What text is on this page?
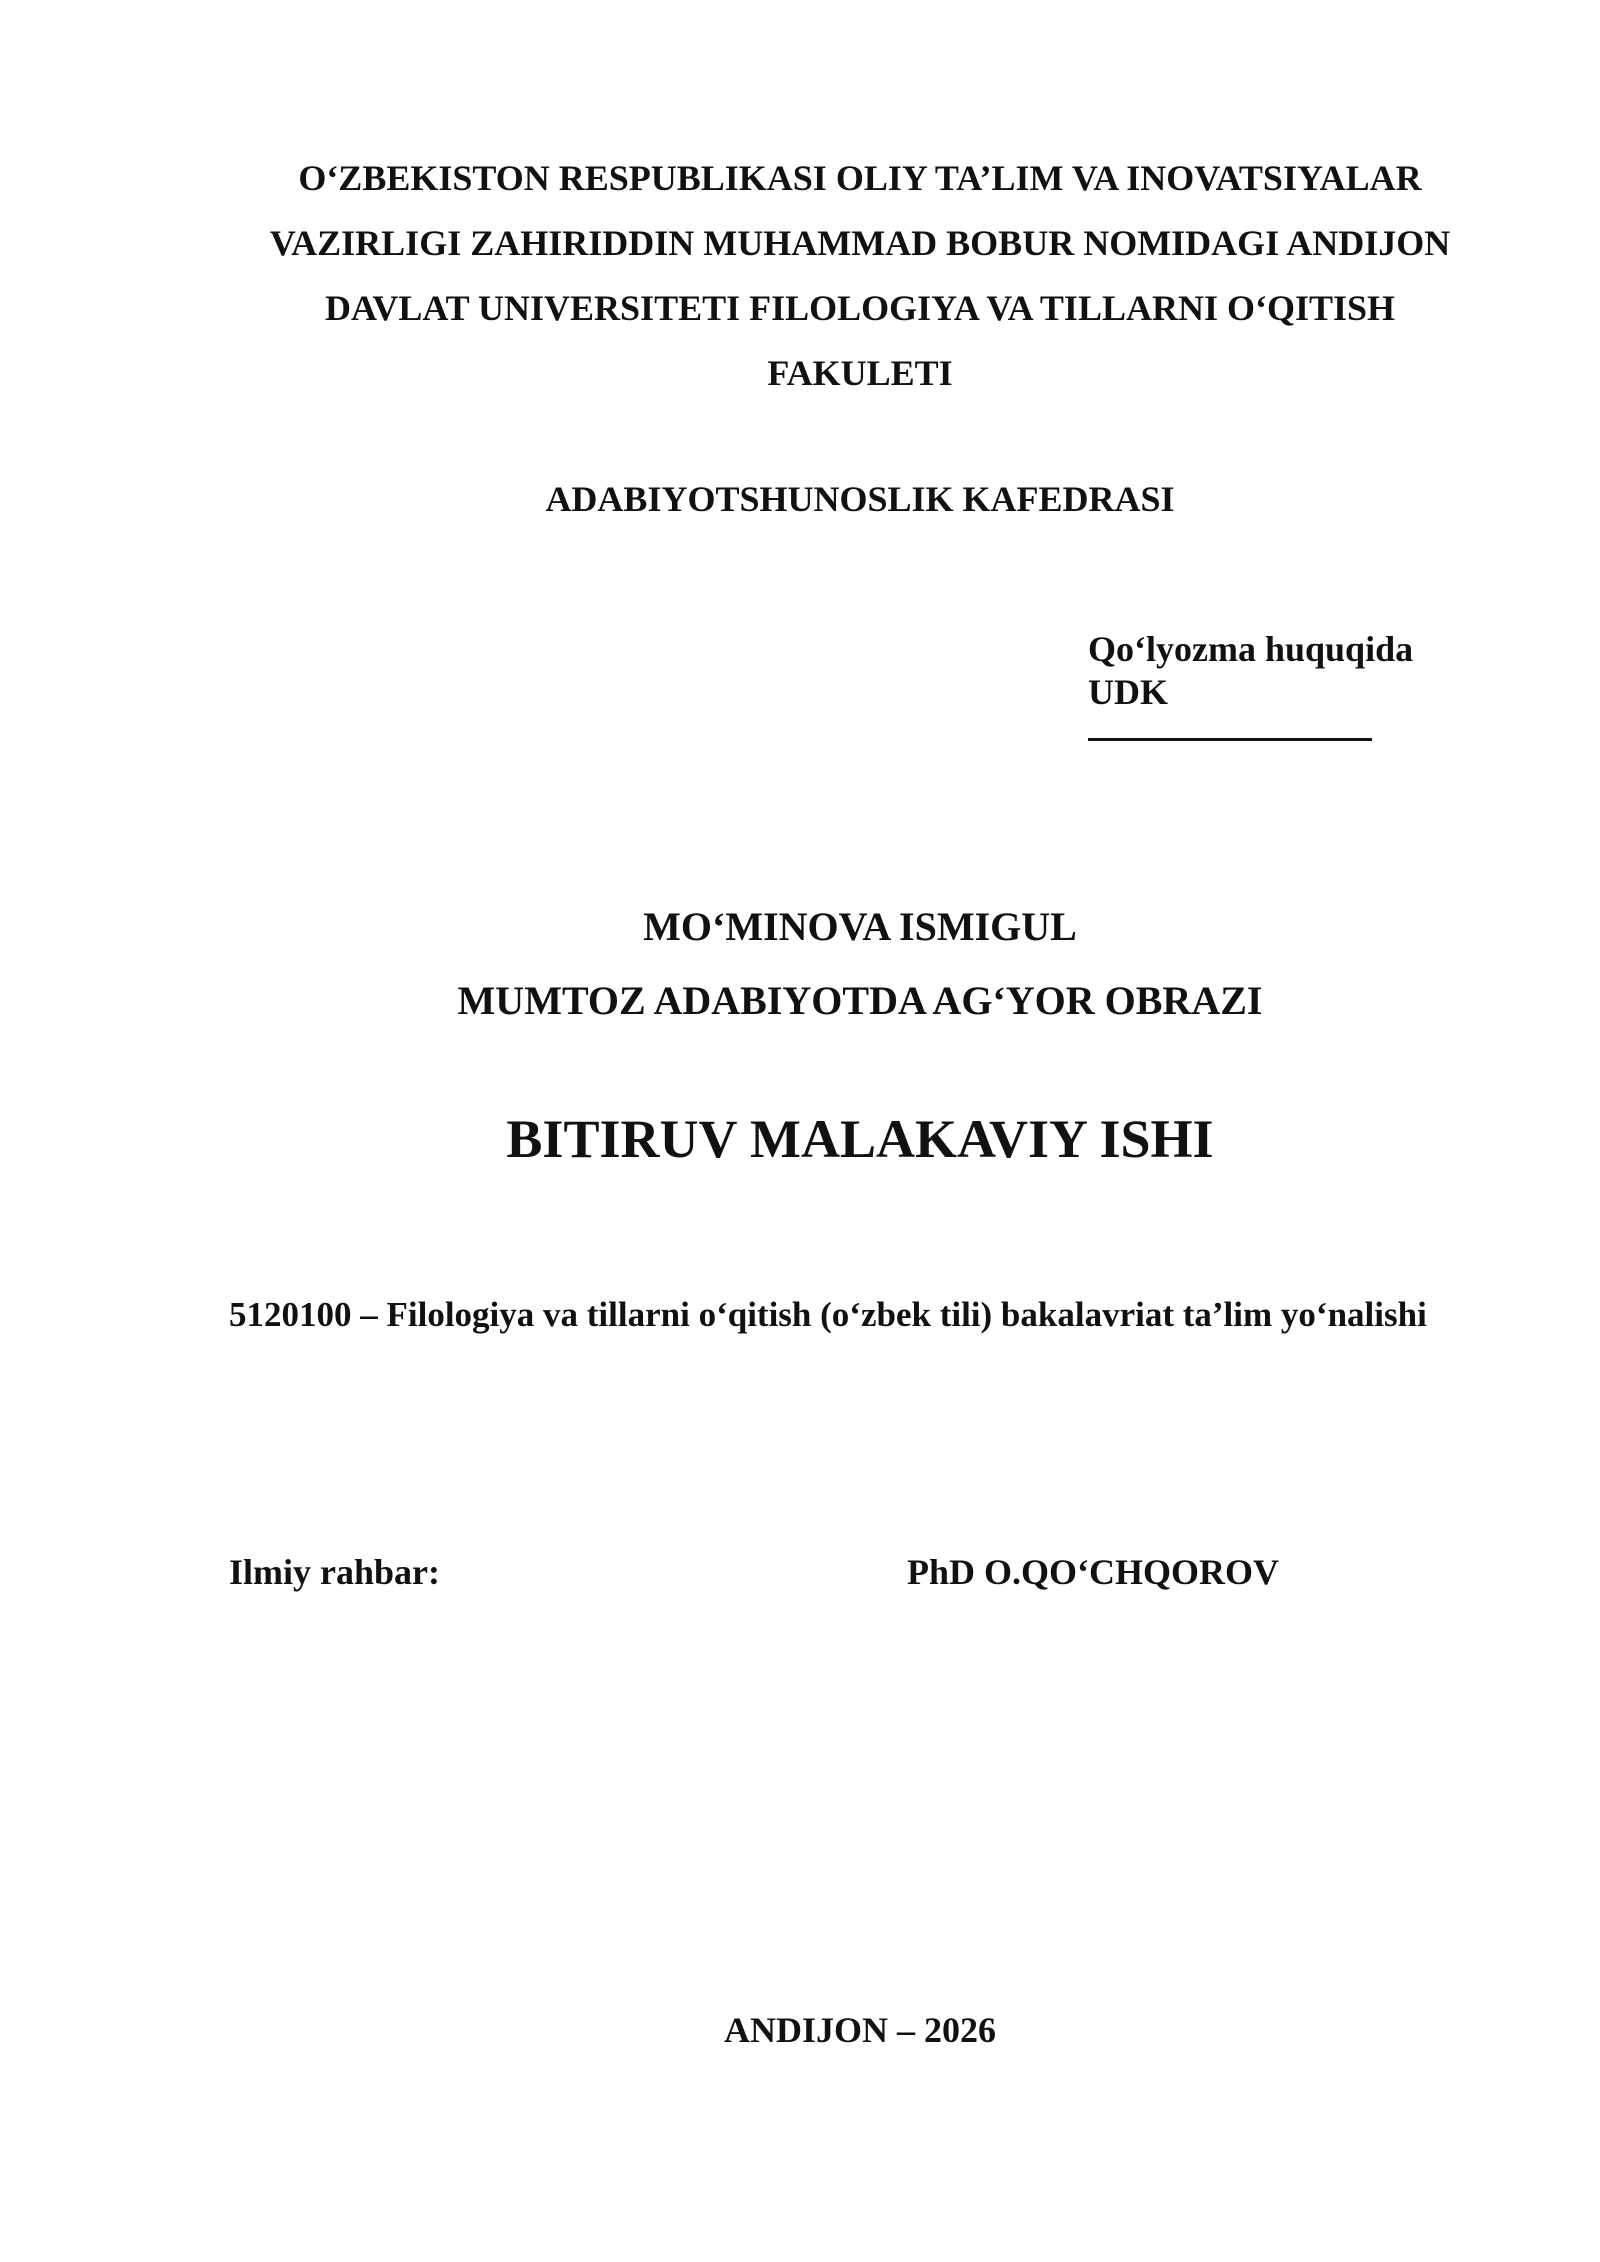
O‘ZBEKISTON RESPUBLIKASI OLIY TA’LIM VA INOVATSIYALAR
VAZIRLIGI ZAHIRIDDIN MUHAMMAD BOBUR NOMIDAGI ANDIJON
DAVLAT UNIVERSITETI FILOLOGIYA VA TILLARNI O‘QITISH
FAKULETI
ADABIYOTSHUNOSLIK KAFEDRASI
Qo‘lyozma huquqida
UDK
MO‘MINOVA ISMIGUL
MUMTOZ ADABIYOTDA AG‘YOR OBRAZI
BITIRUV MALAKAVIY ISHI
5120100 – Filologiya va tillarni o‘qitish (o‘zbek tili) bakalavriat ta’lim yo‘nalishi
Ilmiy rahbar:	PhD O.QO‘CHQOROV
ANDIJON – 2026
